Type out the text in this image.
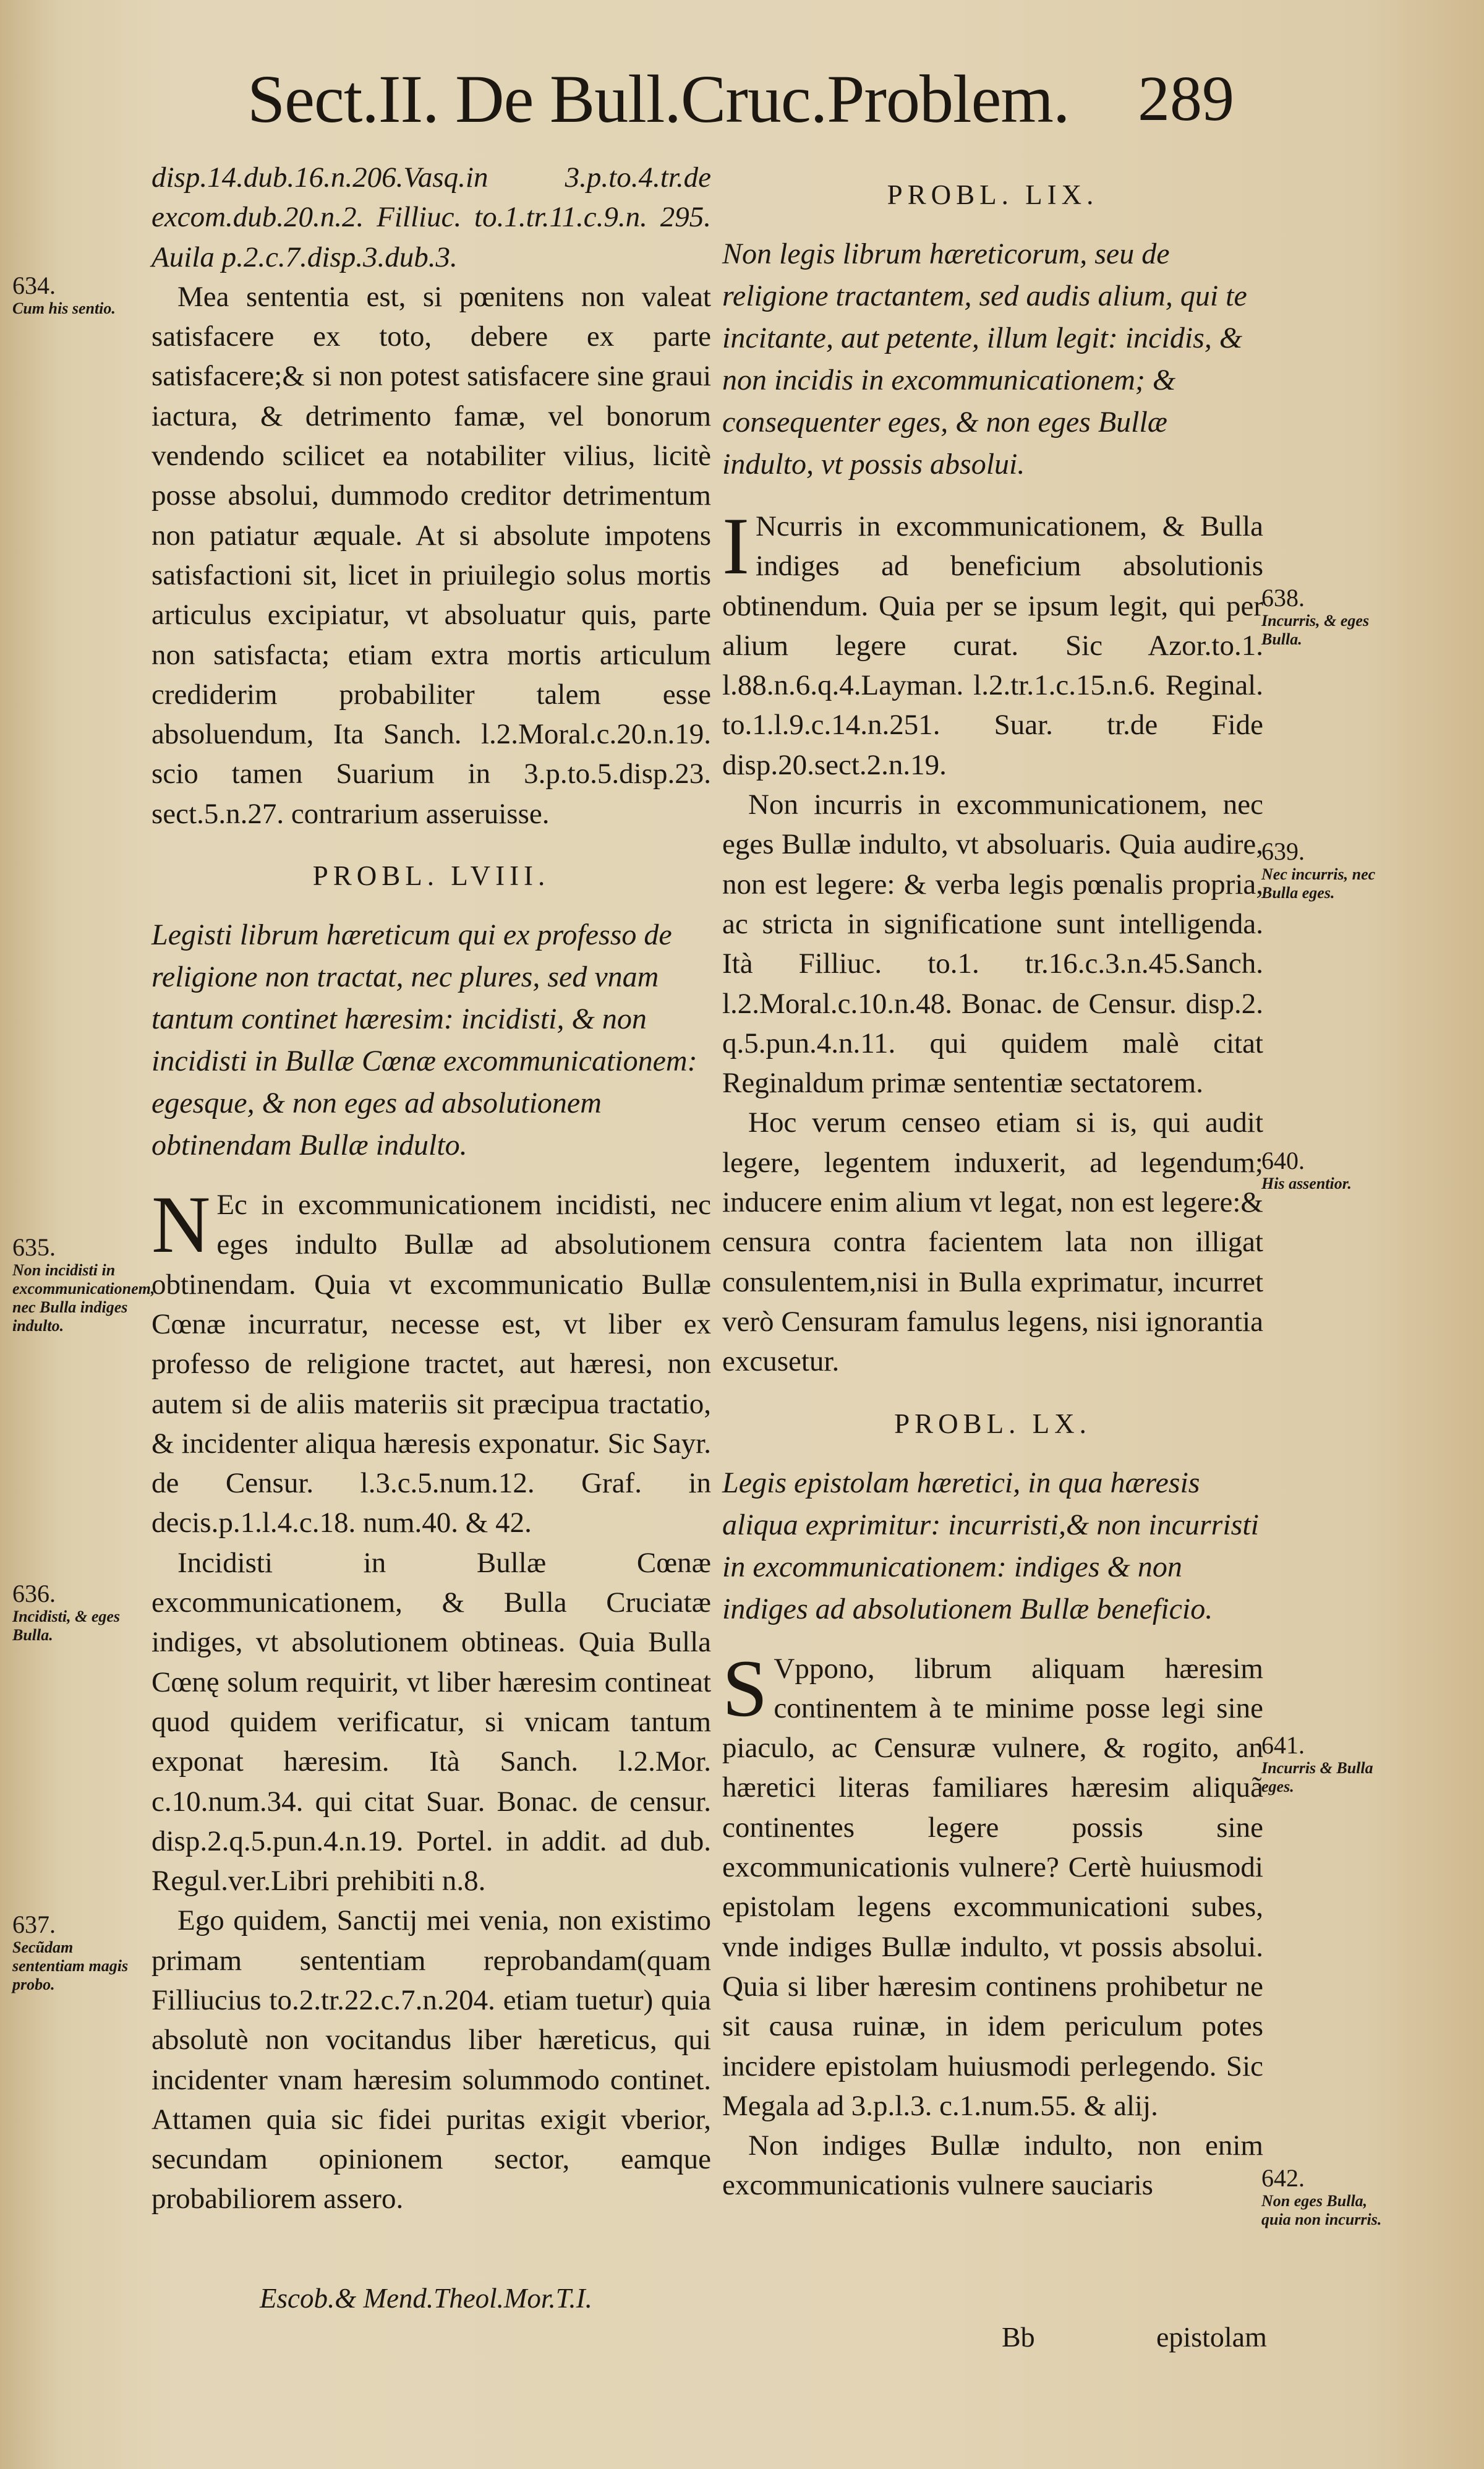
Sect.II. De Bull.Cruc.Problem. 289

disp.14.dub.16.n.206.Vasq.in 3.p.to.4.tr.de excom.dub.20.n.2. Filliuc. to.1.tr.11.c.9.n. 295. Auila p.2.c.7.disp.3.dub.3.

Mea sententia est, si pœnitens non valeat satisfacere ex toto, debere ex parte satisfacere;& si non potest satisfacere sine graui iactura, & detrimento famæ, vel bonorum vendendo scilicet ea notabiliter vilius, licitè posse absolui, dummodo creditor detrimentum non patiatur æquale. At si absolute impotens satisfactioni sit, licet in priuilegio solus mortis articulus excipiatur, vt absoluatur quis, parte non satisfacta; etiam extra mortis articulum crediderim probabiliter talem esse absoluendum, Ita Sanch. l.2.Moral.c.20.n.19. scio tamen Suarium in 3.p.to.5.disp.23. sect.5.n.27. contrarium asseruisse.

PROBL. LVIII.

Legisti librum hæreticum qui ex professo de religione non tractat, nec plures, sed vnam tantum continet hæresim: incidisti, & non incidisti in Bullæ Cœnæ excommunicationem: egesque, & non eges ad absolutionem obtinendam Bullæ indulto.

N Ec in excommunicationem incidisti, nec eges indulto Bullæ ad absolutionem obtinendam. Quia vt excommunicatio Bullæ Cœnæ incurratur, necesse est, vt liber ex professo de religione tractet, aut hæresi, non autem si de aliis materiis sit præcipua tractatio, & incidenter aliqua hæresis exponatur. Sic Sayr. de Censur. l.3.c.5.num.12. Graf. in decis.p.1.l.4.c.18. num.40. & 42.

Incidisti in Bullæ Cœnæ excommunicationem, & Bulla Cruciatæ indiges, vt absolutionem obtineas. Quia Bulla Cœnę solum requirit, vt liber hæresim contineat quod quidem verificatur, si vnicam tantum exponat hæresim. Ità Sanch. l.2.Mor. c.10.num.34. qui citat Suar. Bonac. de censur. disp.2.q.5.pun.4.n.19. Portel. in addit. ad dub. Regul.ver.Libri prehibiti n.8.

Ego quidem, Sanctij mei venia, non existimo primam sententiam reprobandam(quam Filliucius to.2.tr.22.c.7.n.204. etiam tuetur) quia absolutè non vocitandus liber hæreticus, qui incidenter vnam hæresim solummodo continet. Attamen quia sic fidei puritas exigit vberior, secundam opinionem sector, eamque probabiliorem assero.

PROBL. LIX.

Non legis librum hæreticorum, seu de religione tractantem, sed audis alium, qui te incitante, aut petente, illum legit: incidis, & non incidis in excommunicationem; & consequenter eges, & non eges Bullæ indulto, vt possis absolui.

I Ncurris in excommunicationem, & Bulla indiges ad beneficium absolutionis obtinendum. Quia per se ipsum legit, qui per alium legere curat. Sic Azor.to.1. l.88.n.6.q.4.Layman. l.2.tr.1.c.15.n.6. Reginal. to.1.l.9.c.14.n.251. Suar. tr.de Fide disp.20.sect.2.n.19.

Non incurris in excommunicationem, nec eges Bullæ indulto, vt absoluaris. Quia audire, non est legere: & verba legis pœnalis propria, ac stricta in significatione sunt intelligenda. Ità Filliuc. to.1. tr.16.c.3.n.45.Sanch. l.2.Moral.c.10.n.48. Bonac. de Censur. disp.2. q.5.pun.4.n.11. qui quidem malè citat Reginaldum primæ sententiæ sectatorem.

Hoc verum censeo etiam si is, qui audit legere, legentem induxerit, ad legendum; inducere enim alium vt legat, non est legere:& censura contra facientem lata non illigat consulentem,nisi in Bulla exprimatur, incurret verò Censuram famulus legens, nisi ignorantia excusetur.

PROBL. LX.

Legis epistolam hæretici, in qua hæresis aliqua exprimitur: incurristi,& non incurristi in excommunicationem: indiges & non indiges ad absolutionem Bullæ beneficio.

S Vppono, librum aliquam hæresim continentem à te minime posse legi sine piaculo, ac Censuræ vulnere, & rogito, an hæretici literas familiares hæresim aliquã continentes legere possis sine excommunicationis vulnere? Certè huiusmodi epistolam legens excommunicationi subes, vnde indiges Bullæ indulto, vt possis absolui. Quia si liber hæresim continens prohibetur ne sit causa ruinæ, in idem periculum potes incidere epistolam huiusmodi perlegendo. Sic Megala ad 3.p.l.3. c.1.num.55. & alij.

Non indiges Bullæ indulto, non enim excommunicationis vulnere sauciaris

634.
Cum his sentio.
635.
Non incidisti in excommunicationem, nec Bulla indiges indulto.
636.
Incidisti, & eges Bulla.
637.
Secũdam sententiam magis probo.
638.
Incurris, & eges Bulla.
639.
Nec incurris, nec Bulla eges.
640.
His assentior.
641.
Incurris & Bulla eges.
642.
Non eges Bulla, quia non incurris.
Escob.& Mend.Theol.Mor.T.I.
Bb	epistolam
